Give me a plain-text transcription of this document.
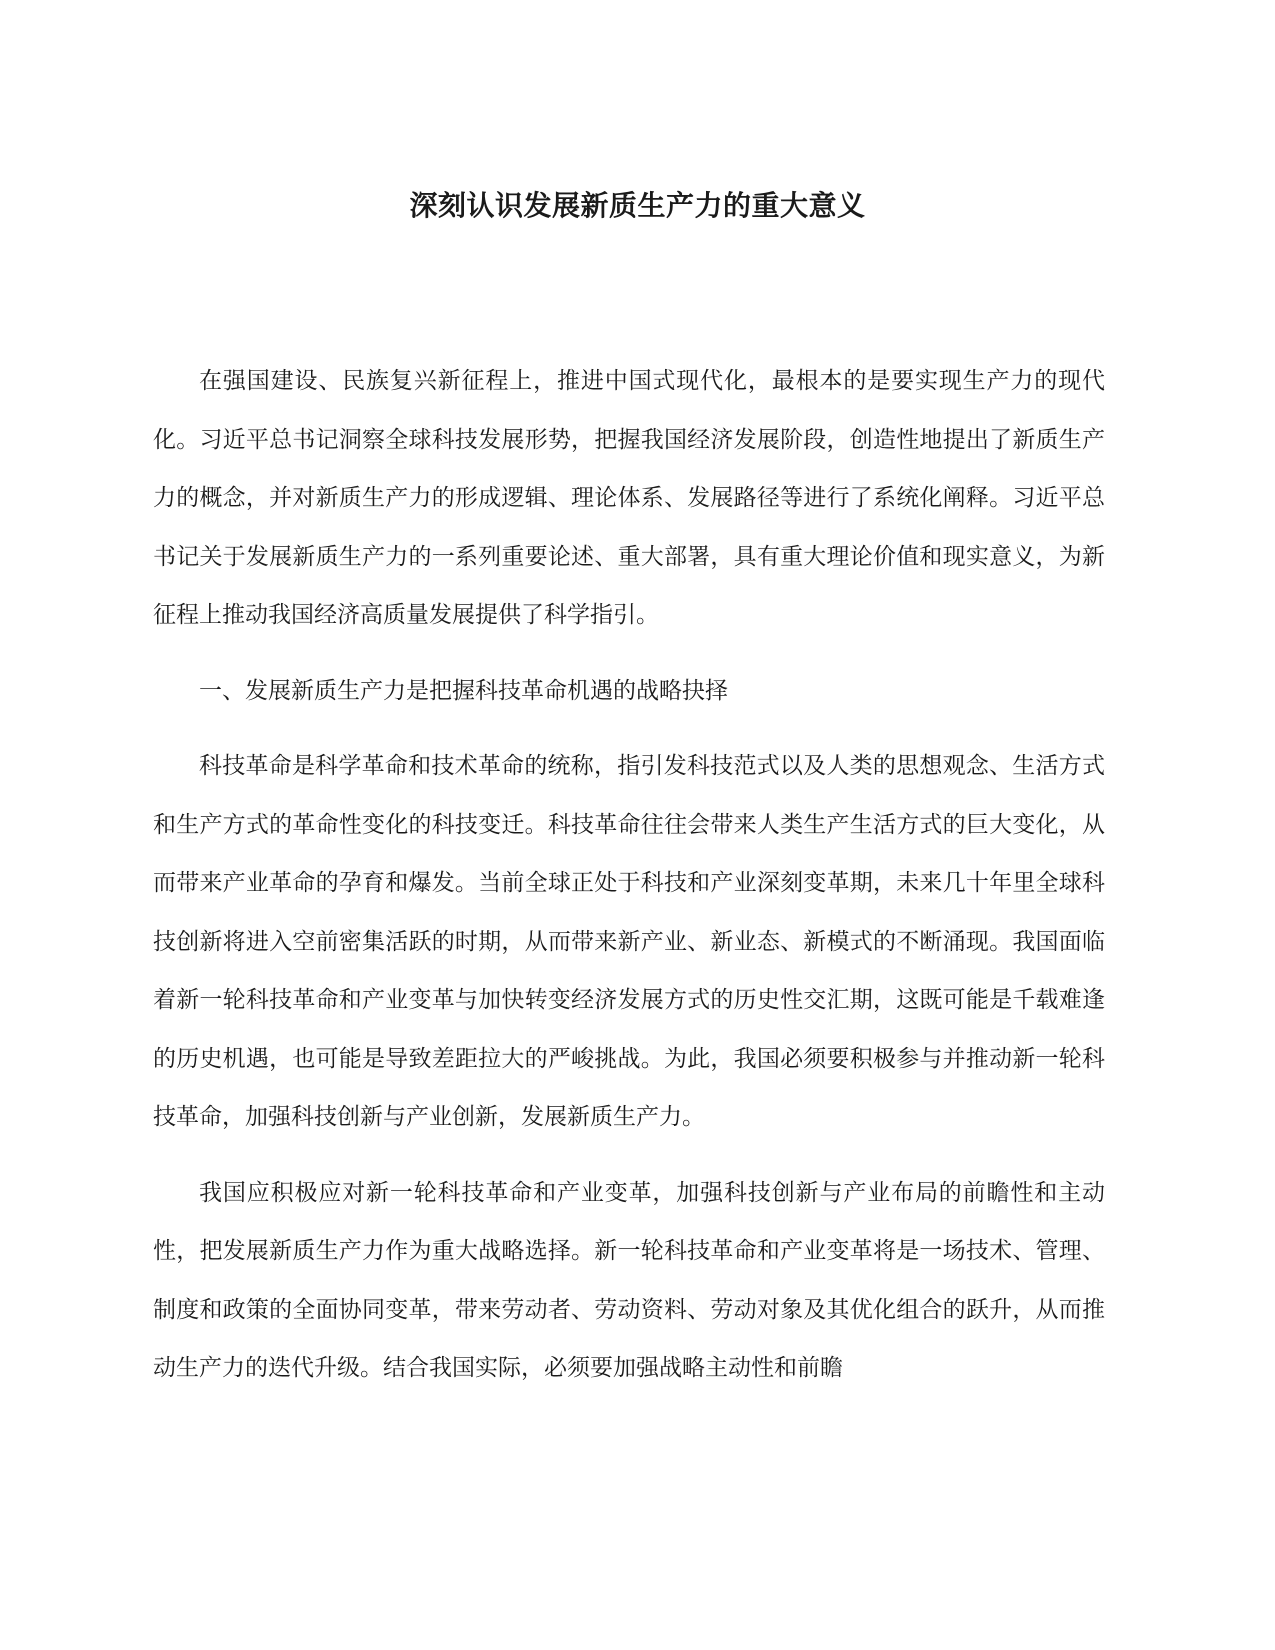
深刻认识发展新质生产力的重大意义

在强国建设、民族复兴新征程上，推进中国式现代化，最根本的是要实现生产力的现代化。习近平总书记洞察全球科技发展形势，把握我国经济发展阶段，创造性地提出了新质生产力的概念，并对新质生产力的形成逻辑、理论体系、发展路径等进行了系统化阐释。习近平总书记关于发展新质生产力的一系列重要论述、重大部署，具有重大理论价值和现实意义，为新征程上推动我国经济高质量发展提供了科学指引。

一、发展新质生产力是把握科技革命机遇的战略抉择

科技革命是科学革命和技术革命的统称，指引发科技范式以及人类的思想观念、生活方式和生产方式的革命性变化的科技变迁。科技革命往往会带来人类生产生活方式的巨大变化，从而带来产业革命的孕育和爆发。当前全球正处于科技和产业深刻变革期，未来几十年里全球科技创新将进入空前密集活跃的时期，从而带来新产业、新业态、新模式的不断涌现。我国面临着新一轮科技革命和产业变革与加快转变经济发展方式的历史性交汇期，这既可能是千载难逢的历史机遇，也可能是导致差距拉大的严峻挑战。为此，我国必须要积极参与并推动新一轮科技革命，加强科技创新与产业创新，发展新质生产力。

我国应积极应对新一轮科技革命和产业变革，加强科技创新与产业布局的前瞻性和主动性，把发展新质生产力作为重大战略选择。新一轮科技革命和产业变革将是一场技术、管理、制度和政策的全面协同变革，带来劳动者、劳动资料、劳动对象及其优化组合的跃升，从而推动生产力的迭代升级。结合我国实际，必须要加强战略主动性和前瞻
